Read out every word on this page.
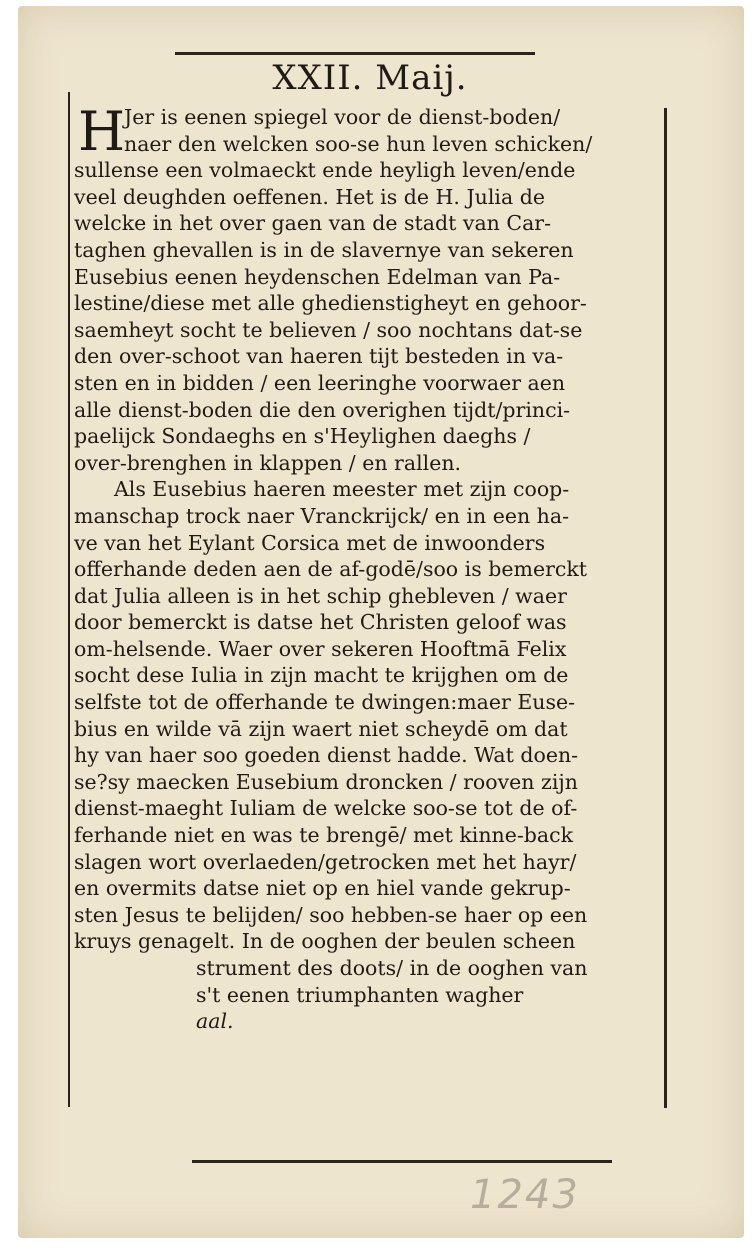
XXII. Maij.
H
Jer is eenen spiegel voor de dienst-boden/
naer den welcken soo-se hun leven schicken/
sullense een volmaeckt ende heyligh leven/ende
veel deughden oeffenen. Het is de H. Julia de
welcke in het over gaen van de stadt van Car-
taghen ghevallen is in de slavernye van sekeren
Eusebius eenen heydenschen Edelman van Pa-
lestine/diese met alle ghedienstigheyt en gehoor-
saemheyt socht te believen / soo nochtans dat-se
den over-schoot van haeren tijt besteden in va-
sten en in bidden / een leeringhe voorwaer aen
alle dienst-boden die den overighen tijdt/princi-
paelijck Sondaeghs en s'Heylighen daeghs /
over-brenghen in klappen / en rallen.
Als Eusebius haeren meester met zijn coop-
manschap trock naer Vranckrijck/ en in een ha-
ve van het Eylant Corsica met de inwoonders
offerhande deden aen de af-godē/soo is bemerckt
dat Julia alleen is in het schip ghebleven / waer
door bemerckt is datse het Christen geloof was
om-helsende. Waer over sekeren Hooftmā Felix
socht dese Iulia in zijn macht te krijghen om de
selfste tot de offerhande te dwingen:maer Euse-
bius en wilde vā zijn waert niet scheydē om dat
hy van haer soo goeden dienst hadde. Wat doen-
se?sy maecken Eusebium droncken / rooven zijn
dienst-maeght Iuliam de welcke soo-se tot de of-
ferhande niet en was te brengē/ met kinne-back
slagen wort overlaeden/getrocken met het hayr/
en overmits datse niet op en hiel vande gekrup-
sten Jesus te belijden/ soo hebben-se haer op een
kruys genagelt. In de ooghen der beulen scheen
strument des doots/ in de ooghen van
s't eenen triumphanten wagher
aal.
1243
